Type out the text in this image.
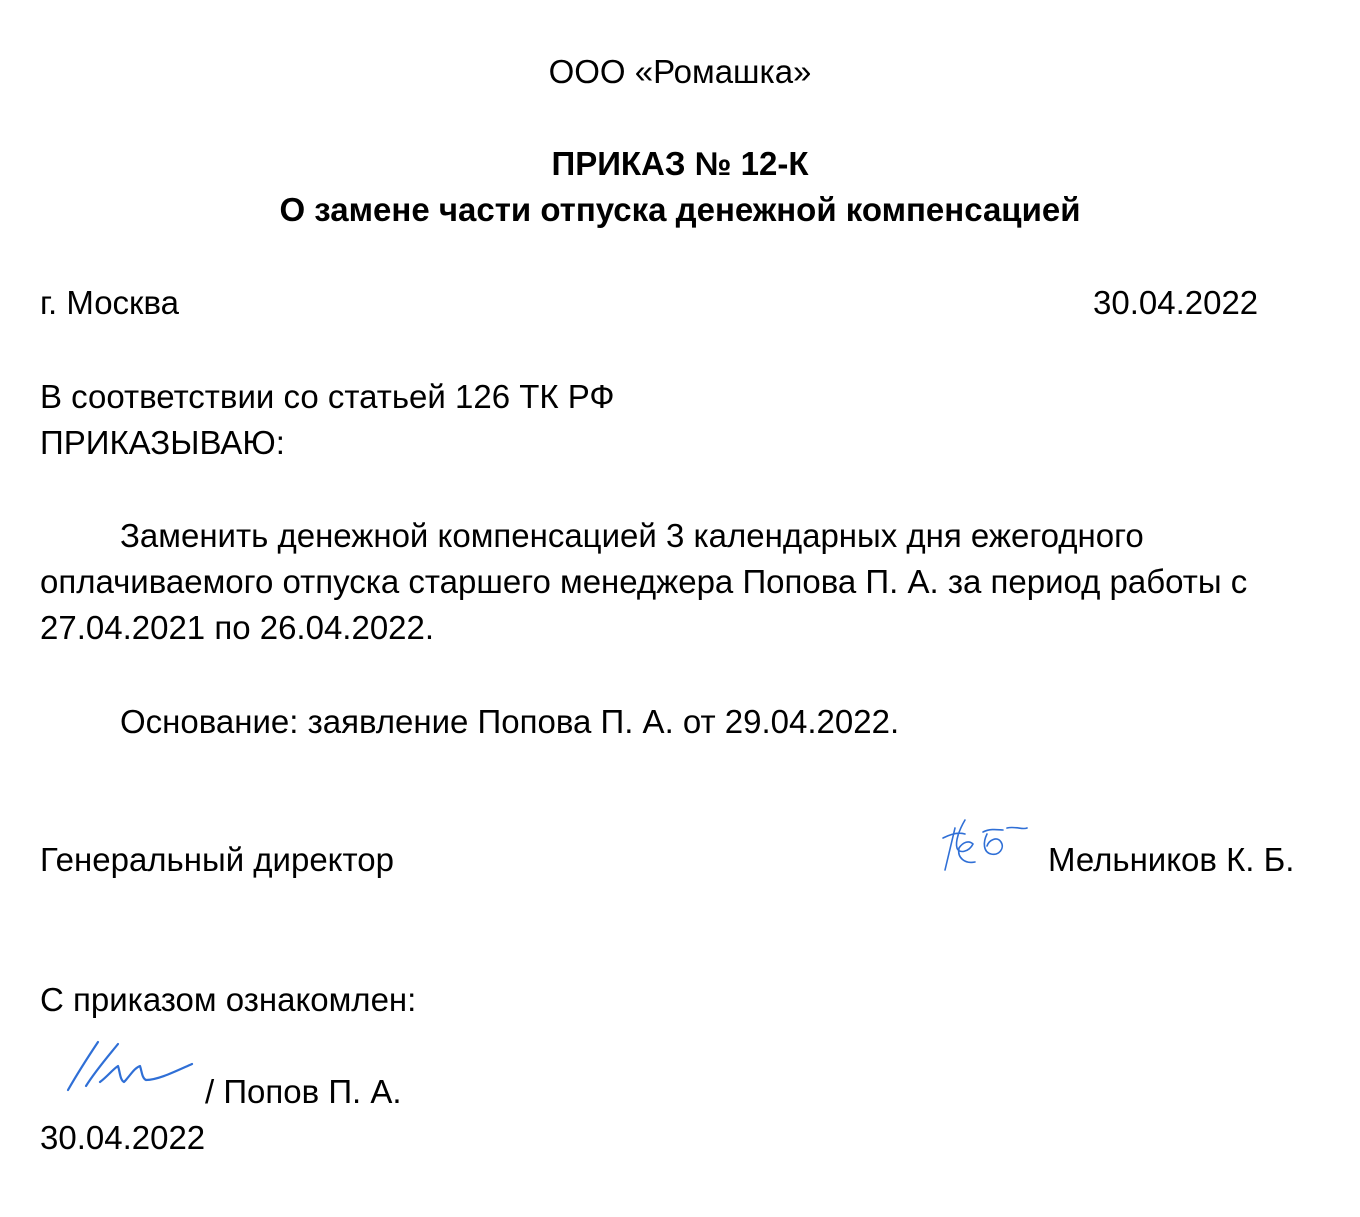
ООО «Ромашка»
ПРИКАЗ № 12-К
О замене части отпуска денежной компенсацией
г. Москва	30.04.2022
В соответствии со статьей 126 ТК РФ
ПРИКАЗЫВАЮ:
Заменить денежной компенсацией 3 календарных дня ежегодного оплачиваемого отпуска старшего менеджера Попова П. А. за период работы с 27.04.2021 по 26.04.2022.
Основание: заявление Попова П. А. от 29.04.2022.
Генеральный директор	Мельников К. Б.
С приказом ознакомлен:
/ Попов П. А.
30.04.2022
